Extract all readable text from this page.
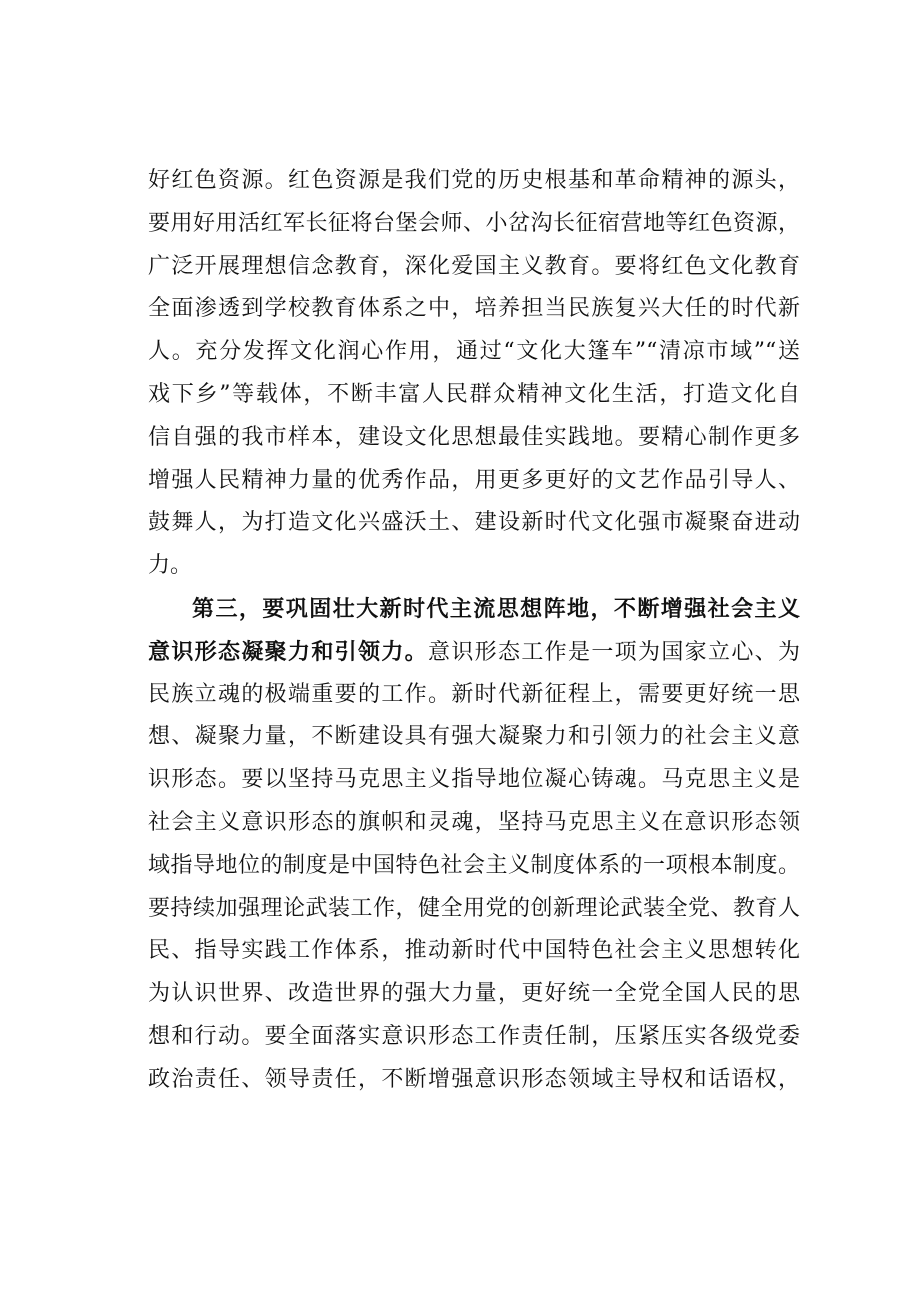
好红色资源。红色资源是我们党的历史根基和革命精神的源头，
要用好用活红军长征将台堡会师、小岔沟长征宿营地等红色资源，
广泛开展理想信念教育，深化爱国主义教育。要将红色文化教育
全面渗透到学校教育体系之中，培养担当民族复兴大任的时代新
人。充分发挥文化润心作用，通过“文化大篷车”“清凉市域”“送
戏下乡”等载体，不断丰富人民群众精神文化生活，打造文化自
信自强的我市样本，建设文化思想最佳实践地。要精心制作更多
增强人民精神力量的优秀作品，用更多更好的文艺作品引导人、
鼓舞人，为打造文化兴盛沃土、建设新时代文化强市凝聚奋进动
力。
第三，要巩固壮大新时代主流思想阵地，不断增强社会主义
意识形态凝聚力和引领力。意识形态工作是一项为国家立心、为
民族立魂的极端重要的工作。新时代新征程上，需要更好统一思
想、凝聚力量，不断建设具有强大凝聚力和引领力的社会主义意
识形态。要以坚持马克思主义指导地位凝心铸魂。马克思主义是
社会主义意识形态的旗帜和灵魂，坚持马克思主义在意识形态领
域指导地位的制度是中国特色社会主义制度体系的一项根本制度。
要持续加强理论武装工作，健全用党的创新理论武装全党、教育人
民、指导实践工作体系，推动新时代中国特色社会主义思想转化
为认识世界、改造世界的强大力量，更好统一全党全国人民的思
想和行动。要全面落实意识形态工作责任制，压紧压实各级党委
政治责任、领导责任，不断增强意识形态领域主导权和话语权，
